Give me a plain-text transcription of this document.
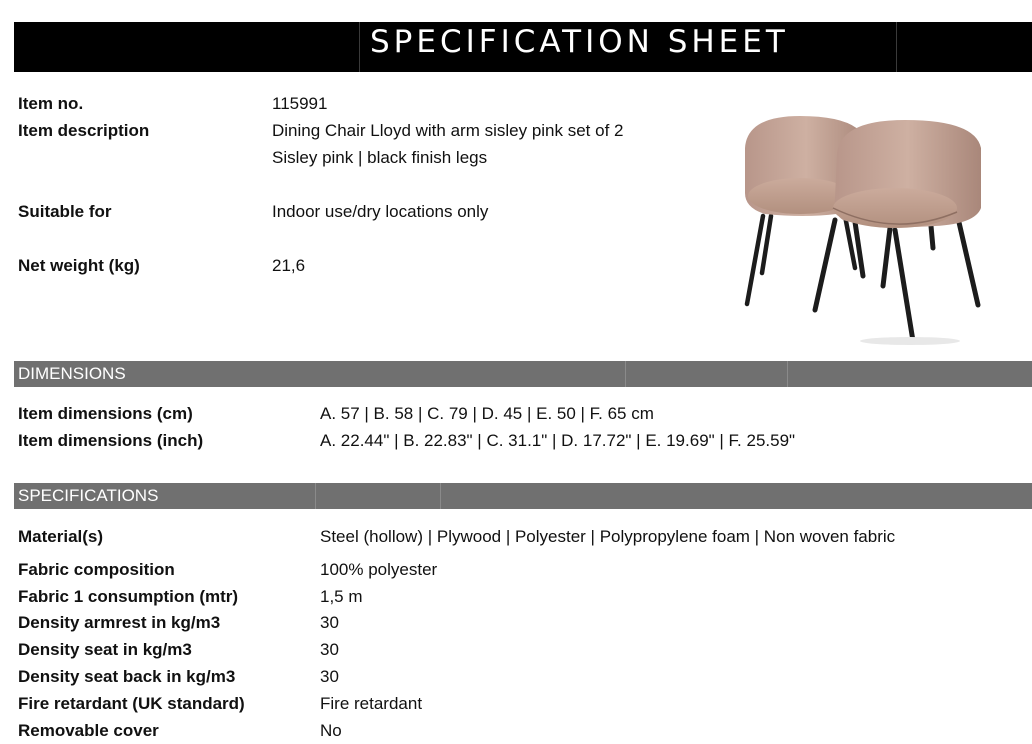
SPECIFICATION SHEET
Item no.	115991
Item description	Dining Chair Lloyd with arm sisley pink set of 2
Sisley pink | black finish legs
Suitable for	Indoor use/dry locations only
Net weight (kg)	21,6
DIMENSIONS
Item dimensions (cm)	A. 57 | B. 58 | C. 79 | D. 45 | E. 50 | F. 65 cm
Item dimensions (inch)	A. 22.44" | B. 22.83" | C. 31.1" | D. 17.72" | E. 19.69" | F. 25.59"
SPECIFICATIONS
Material(s)	Steel (hollow) | Plywood | Polyester | Polypropylene foam | Non woven fabric
Fabric composition	100% polyester
Fabric 1 consumption (mtr)	1,5 m
Density armrest in kg/m3	30
Density seat in kg/m3	30
Density seat back in kg/m3	30
Fire retardant (UK standard)	Fire retardant
Removable cover	No
